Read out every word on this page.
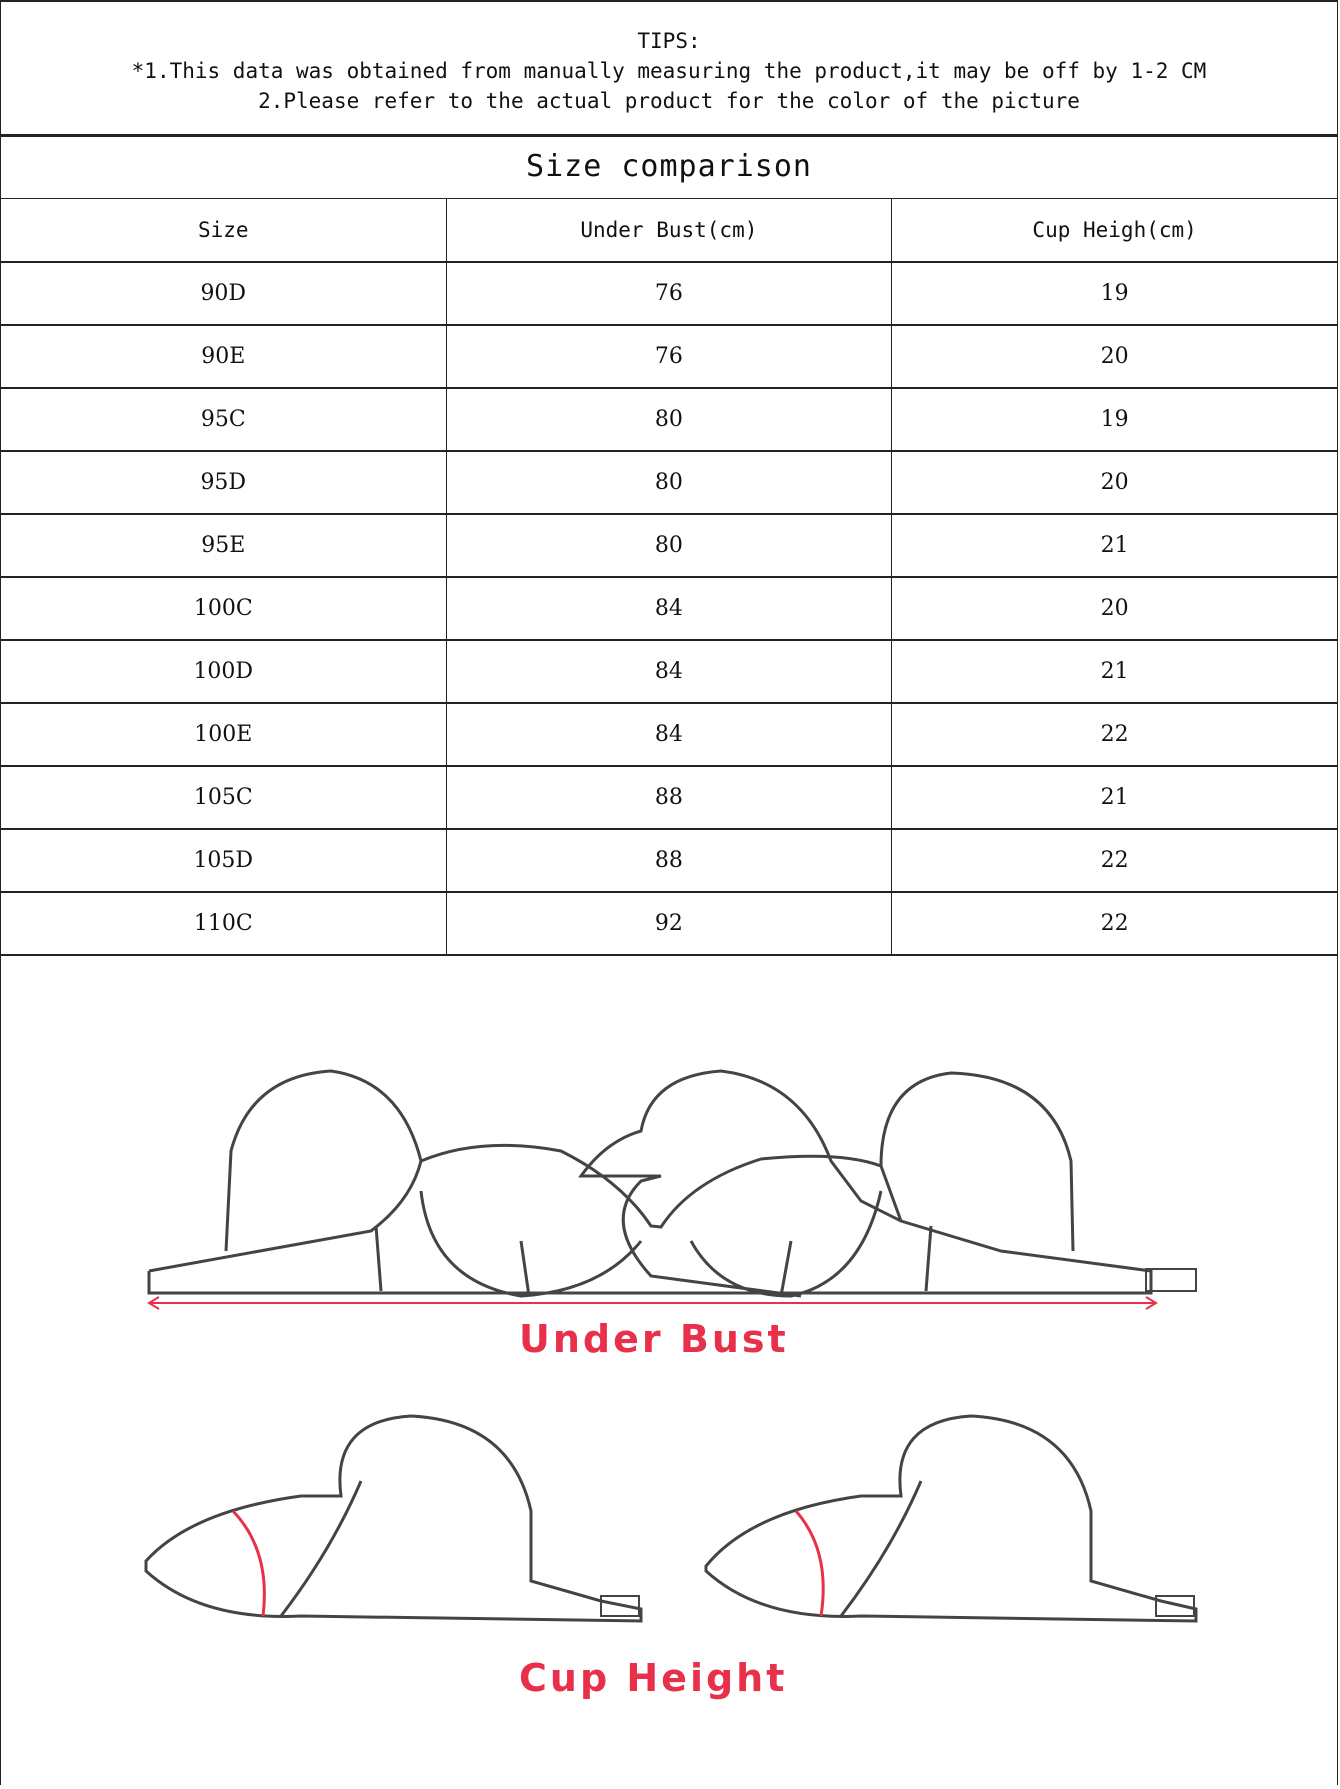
TIPS:
*1.This data was obtained from manually measuring the product,it may be off by 1-2 CM
2.Please refer to the actual product for the color of the picture
Size comparison
Size	Under Bust(cm)	Cup Heigh(cm)
90D	76	19
90E	76	20
95C	80	19
95D	80	20
95E	80	21
100C	84	20
100D	84	21
100E	84	22
105C	88	21
105D	88	22
110C	92	22
Under Bust
Cup Height
